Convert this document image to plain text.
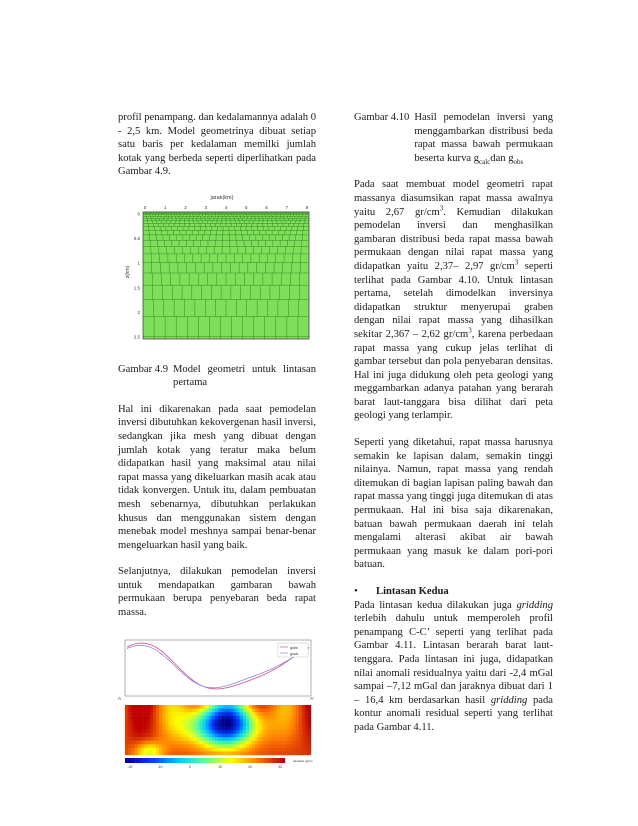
profil penampang. dan kedalamannya adalah 0 - 2,5 km. Model geometrinya dibuat setiap satu baris per kedalaman memilki jumlah kotak yang berbeda seperti diperlihatkan pada Gambar 4.9.

jarak(km)
z(km)
0	1	2	3	4	5	6	7	8
0
0.5
1
1.5
2
2.5
Gambar 4.9 Model geometri untuk lintasan pertama

Hal ini dikarenakan pada saat pemodelan inversi dibutuhkan kekovergenan hasil inversi, sedangkan jika mesh yang dibuat dengan jumlah kotak yang teratur maka belum didapatkan hasil yang maksimal atau nilai rapat massa yang dikeluarkan masih acak atau tidak konvergen. Untuk itu, dalam pembuatan mesh sebenarnya, dibutuhkan perlakukan khusus dan menggunakan sistem dengan menebak model meshnya sampai benar-benar mengeluarkan hasil yang baik.

Selanjutnya, dilakukan pemodelan inversi untuk mendapatkan gambaran bawah permukaan berupa penyebaran beda rapat massa.

gobs
gcalc
A	A'
-20	-10	0	10	20	30
densitas (g/cc)
Gambar 4.10 Hasil pemodelan inversi yang menggambarkan distribusi beda rapat massa bawah permukaan beserta kurva $g_{calc}dan$ $g_{obs}$

Pada saat membuat model geometri rapat massanya diasumsikan rapat massa awalnya yaitu 2,67 $gr/cm^3$. Kemudian dilakukan pemodelan inversi dan menghasilkan gambaran distribusi beda rapat massa bawah permukaan dengan nilai rapat massa yang didapatkan yaitu 2,37– 2,97 $gr/cm^3$ seperti terlihat pada Gambar 4.10. Untuk lintasan pertama, setelah dimodelkan inversinya didapatkan struktur menyerupai graben dengan nilai rapat massa yang dihasilkan sekitar 2,367 – 2,62 $gr/cm^3$, karena perbedaan rapat massa yang cukup jelas terlihat di gambar tersebut dan pola penyebaran densitas. Hal ini juga didukung oleh peta geologi yang meggambarkan adanya patahan yang berarah barat laut-tanggara bisa dilihat dari peta geologi yang terlampir.

Seperti yang diketahui, rapat massa harusnya semakin ke lapisan dalam, semakin tinggi nilainya. Namun, rapat massa yang rendah ditemukan di bagian lapisan paling bawah dan rapat massa yang tinggi juga ditemukan di atas permukaan. Hal ini bisa saja dikarenakan, batuan bawah permukaan daerah ini telah mengalami alterasi akibat air bawah permukaan yang masuk ke dalam pori-pori batuan.

•	Lintasan Kedua

Pada lintasan kedua dilakukan juga gridding terlebih dahulu untuk memperoleh profil penampang C-C’ seperti yang terlihat pada Gambar 4.11. Lintasan berarah barat laut-tenggara. Pada lintasan ini juga, didapatkan nilai anomali residualnya yaitu dari -2,4 mGal sampai –7,12 mGal dan jaraknya dibuat dari 1 – 16,4 km berdasarkan hasil gridding pada kontur anomali residual seperti yang terlihat pada Gambar 4.11.
